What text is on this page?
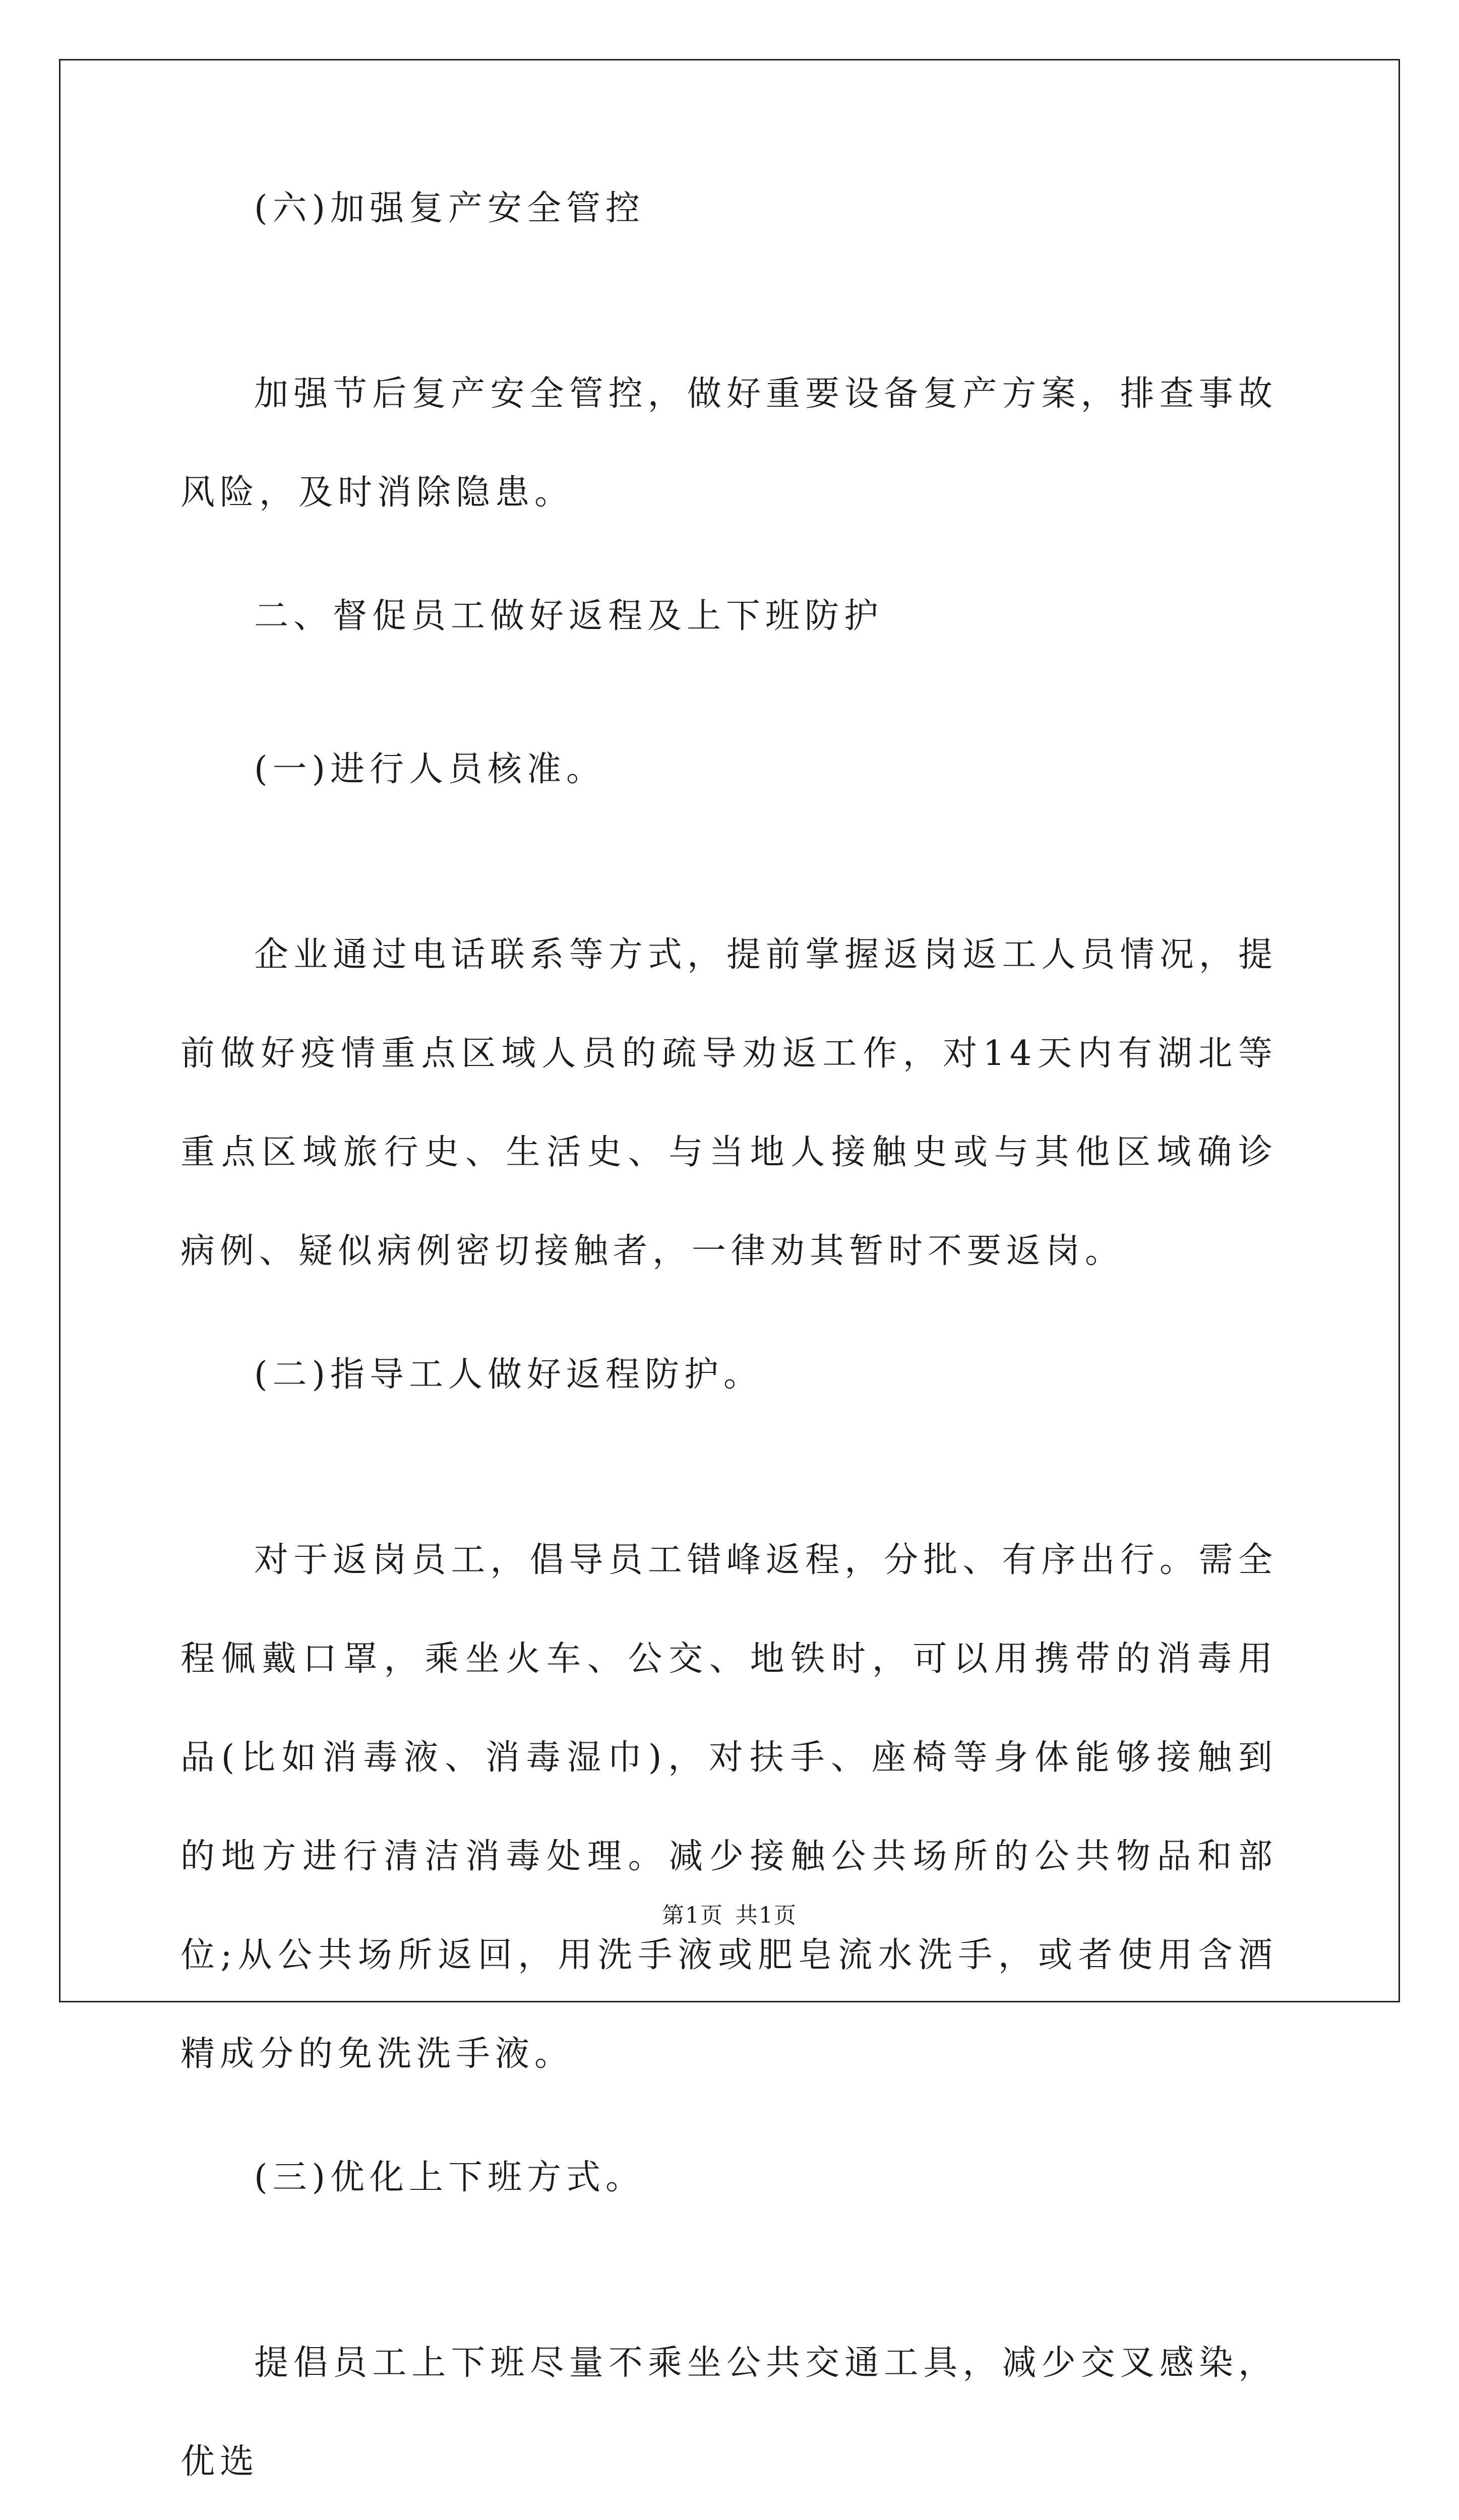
(六)加强复产安全管控

加强节后复产安全管控，做好重要设备复产方案，排查事故风险，及时消除隐患。

二、督促员工做好返程及上下班防护

(一)进行人员核准。

企业通过电话联系等方式，提前掌握返岗返工人员情况，提前做好疫情重点区域人员的疏导劝返工作，对14天内有湖北等重点区域旅行史、生活史、与当地人接触史或与其他区域确诊病例、疑似病例密切接触者，一律劝其暂时不要返岗。

(二)指导工人做好返程防护。

对于返岗员工，倡导员工错峰返程，分批、有序出行。需全程佩戴口罩，乘坐火车、公交、地铁时，可以用携带的消毒用品(比如消毒液、消毒湿巾)，对扶手、座椅等身体能够接触到的地方进行清洁消毒处理。减少接触公共场所的公共物品和部位;从公共场所返回，用洗手液或肥皂流水洗手，或者使用含酒精成分的免洗洗手液。

(三)优化上下班方式。

提倡员工上下班尽量不乘坐公共交通工具，减少交叉感染，优选

第1页 共1页
